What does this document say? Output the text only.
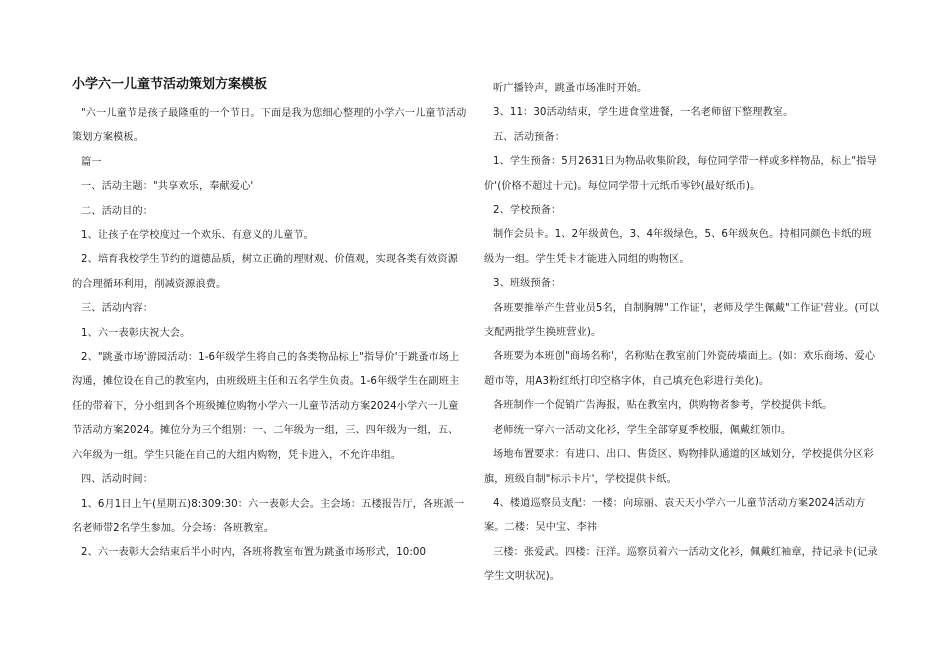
小学六一儿童节活动策划方案模板

"六一儿童节是孩子最隆重的一个节日。下面是我为您细心整理的小学六一儿童节活动策划方案模板。

篇一

一、活动主题："共享欢乐，奉献爱心'

二、活动目的：

1、让孩子在学校度过一个欢乐、有意义的儿童节。

2、培育我校学生节约的道德品质，树立正确的理财观、价值观，实现各类有效资源的合理循环利用，削减资源浪费。

三、活动内容：

1、六一表彰庆祝大会。

2、"跳蚤市场'游园活动：1-6年级学生将自己的各类物品标上"指导价'于跳蚤市场上沟通，摊位设在自己的教室内，由班级班主任和五名学生负责。1-6年级学生在副班主任的带着下，分小组到各个班级摊位购物小学六一儿童节活动方案2024小学六一儿童节活动方案2024。摊位分为三个组别：一、二年级为一组，三、四年级为一组，五、六年级为一组。学生只能在自己的大组内购物，凭卡进入，不允许串组。

四、活动时间：

1、6月1日上午(星期五)8:309:30：六一表彰大会。主会场：五楼报告厅，各班派一名老师带2名学生参加。分会场：各班教室。

2、六一表彰大会结束后半小时内，各班将教室布置为跳蚤市场形式，10:00

听广播铃声，跳蚤市场准时开始。

3、11：30活动结束，学生进食堂进餐，一名老师留下整理教室。

五、活动预备：

1、学生预备：5月2631日为物品收集阶段，每位同学带一样或多样物品，标上"指导价'(价格不超过十元)。每位同学带十元纸币零钞(最好纸币)。

2、学校预备：

制作会员卡。1、2年级黄色，3、4年级绿色，5、6年级灰色。持相同颜色卡纸的班级为一组。学生凭卡才能进入同组的购物区。

3、班级预备：

各班要推举产生营业员5名，自制胸牌"工作证'，老师及学生佩戴"工作证'营业。(可以支配两批学生换班营业)。

各班要为本班创"商场名称'，名称贴在教室前门外瓷砖墙面上。(如：欢乐商场、爱心超市等，用A3粉红纸打印空格字体，自己填充色彩进行美化)。

各班制作一个促销广告海报，贴在教室内，供购物者参考，学校提供卡纸。

老师统一穿六一活动文化衫，学生全部穿夏季校服，佩戴红领巾。

场地布置要求：有进口、出口、售货区、购物排队通道的区域划分，学校提供分区彩旗，班级自制"标示卡片'，学校提供卡纸。

4、楼道巡察员支配：一楼：向琼丽、袁天天小学六一儿童节活动方案2024活动方案。二楼：吴中宝、李祎

三楼：张爱武。四楼：汪洋。巡察员着六一活动文化衫，佩戴红袖章，持记录卡(记录学生文明状况)。
